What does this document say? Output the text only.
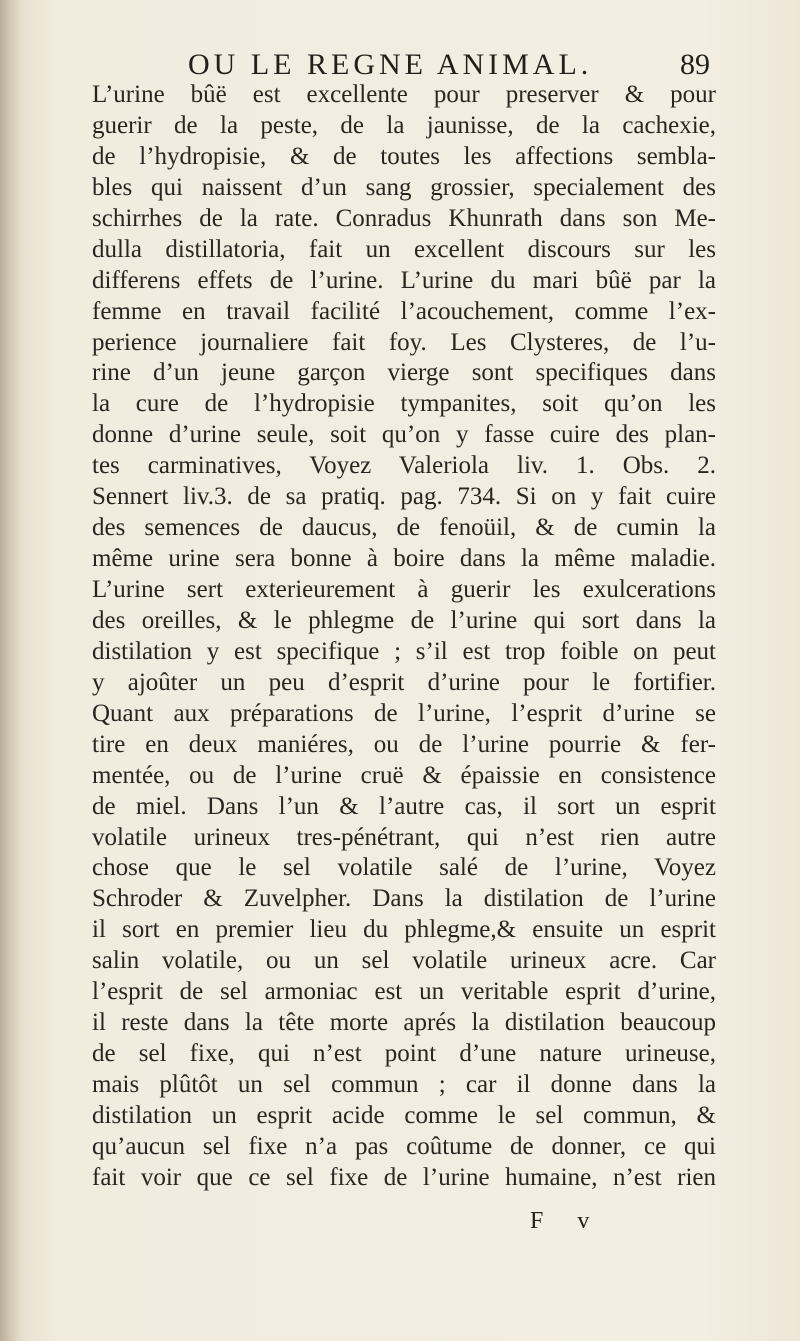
OU LE REGNE ANIMAL.	89
L’urine bûë est excellente pour preserver & pour
guerir de la peste, de la jaunisse, de la cachexie,
de l’hydropisie, & de toutes les affections sembla-
bles qui naissent d’un sang grossier, specialement des
schirrhes de la rate. Conradus Khunrath dans son Me-
dulla distillatoria, fait un excellent discours sur les
differens effets de l’urine. L’urine du mari bûë par la
femme en travail facilité l’acouchement, comme l’ex-
perience journaliere fait foy. Les Clysteres, de l’u-
rine d’un jeune garçon vierge sont specifiques dans
la cure de l’hydropisie tympanites, soit qu’on les
donne d’urine seule, soit qu’on y fasse cuire des plan-
tes carminatives, Voyez Valeriola liv. 1. Obs. 2.
Sennert liv.3. de sa pratiq. pag. 734. Si on y fait cuire
des semences de daucus, de fenoüil, & de cumin la
même urine sera bonne à boire dans la même maladie.
L’urine sert exterieurement à guerir les exulcerations
des oreilles, & le phlegme de l’urine qui sort dans la
distilation y est specifique ; s’il est trop foible on peut
y ajoûter un peu d’esprit d’urine pour le fortifier.
Quant aux préparations de l’urine, l’esprit d’urine se
tire en deux maniéres, ou de l’urine pourrie & fer-
mentée, ou de l’urine cruë & épaissie en consistence
de miel. Dans l’un & l’autre cas, il sort un esprit
volatile urineux tres-pénétrant, qui n’est rien autre
chose que le sel volatile salé de l’urine, Voyez
Schroder & Zuvelpher. Dans la distilation de l’urine
il sort en premier lieu du phlegme,& ensuite un esprit
salin volatile, ou un sel volatile urineux acre. Car
l’esprit de sel armoniac est un veritable esprit d’urine,
il reste dans la tête morte aprés la distilation beaucoup
de sel fixe, qui n’est point d’une nature urineuse,
mais plûtôt un sel commun ; car il donne dans la
distilation un esprit acide comme le sel commun, &
qu’aucun sel fixe n’a pas coûtume de donner, ce qui
fait voir que ce sel fixe de l’urine humaine, n’est rien
F v
